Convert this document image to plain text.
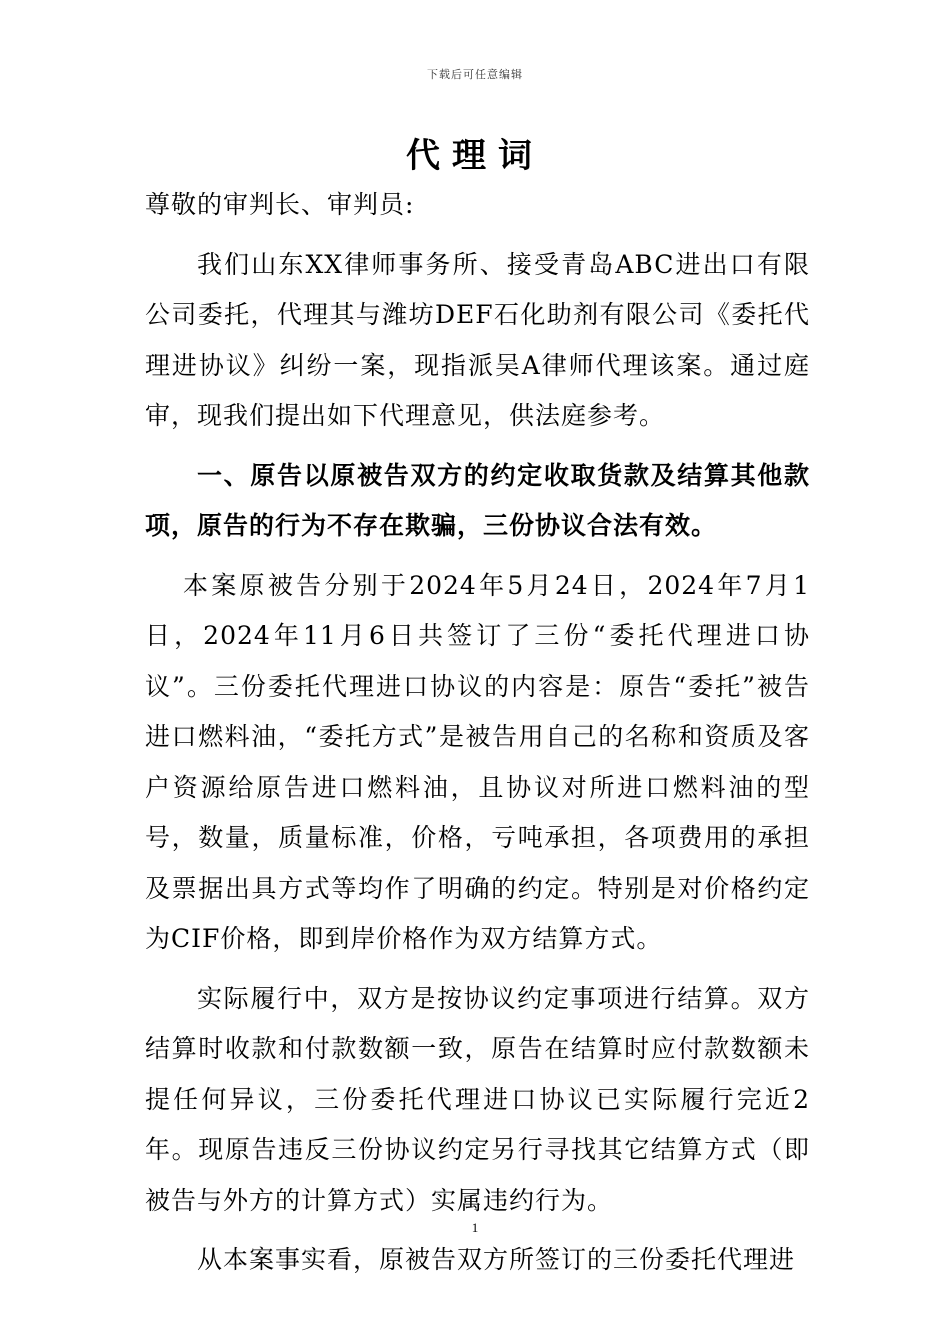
下载后可任意编辑
代理词

尊敬的审判长、审判员:

我们山东XX律师事务所、接受青岛ABC进出口有限公司委托，代理其与潍坊DEF石化助剂有限公司《委托代理进协议》纠纷一案，现指派吴A律师代理该案。通过庭审，现我们提出如下代理意见，供法庭参考。

一、原告以原被告双方的约定收取货款及结算其他款项，原告的行为不存在欺骗，三份协议合法有效。

本案原被告分别于2024年5月24日，2024年7月1日，2024年11月6日共签订了三份“委托代理进口协议”。三份委托代理进口协议的内容是：原告“委托”被告进口燃料油，“委托方式”是被告用自己的名称和资质及客户资源给原告进口燃料油，且协议对所进口燃料油的型号，数量，质量标准，价格，亏吨承担，各项费用的承担及票据出具方式等均作了明确的约定。特别是对价格约定为CIF价格，即到岸价格作为双方结算方式。

实际履行中，双方是按协议约定事项进行结算。双方结算时收款和付款数额一致，原告在结算时应付款数额未提任何异议，三份委托代理进口协议已实际履行完近2年。现原告违反三份协议约定另行寻找其它结算方式（即被告与外方的计算方式）实属违约行为。

从本案事实看，原被告双方所签订的三份委托代理进

1
